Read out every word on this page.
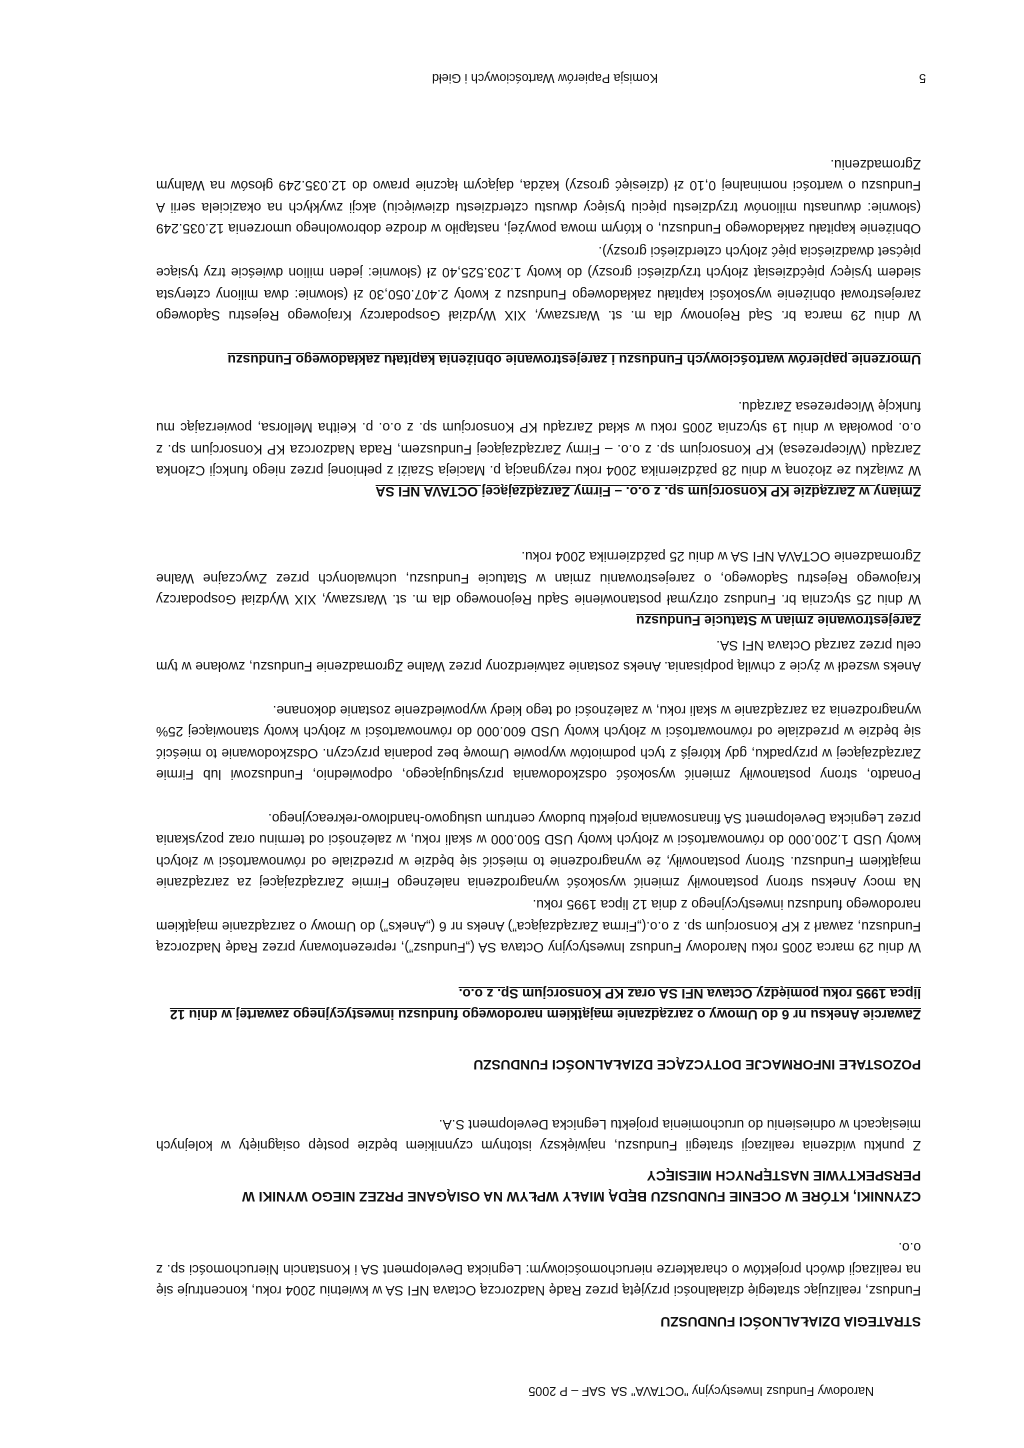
Narodowy Fundusz Inwestycyjny "OCTAVA" SA
SAF – P 2005

STRATEGIA DZIAŁALNOŚCI FUNDUSZU

Fundusz, realizując strategię działalności przyjętą przez Radę Nadzorczą Octava NFI SA w kwietniu 2004 roku, koncentruje się na realizacji dwóch projektów o charakterze nieruchomościowym: Legnicka Development SA i Konstancin Nieruchomości sp. z o.o.

CZYNNIKI, KTÓRE W OCENIE FUNDUSZU BĘDĄ MIAŁY WPŁYW NA OSIĄGANE PRZEZ NIEGO WYNIKI W PERSPEKTYWIE NASTĘPNYCH MIESIĘCY

Z punktu widzenia realizacji strategii Funduszu, największy istotnym czynnikiem będzie postęp osiągnięty w kolejnych miesiącach w odniesieniu do uruchomienia projektu Legnicka Development S.A.

POZOSTAŁE INFORMACJE DOTYCZĄCE DZIAŁALNOŚCI FUNDUSZU

Zawarcie Aneksu nr 6 do Umowy o zarządzanie majątkiem narodowego funduszu inwestycyjnego zawartej w dniu 12 lipca 1995 roku pomiędzy Octava NFI SA oraz KP Konsorcjum Sp. z o.o.

W dniu 29 marca 2005 roku Narodowy Fundusz Inwestycyjny Octava SA („Fundusz”), reprezentowany przez Radę Nadzorczą Funduszu, zawarł z KP Konsorcjum sp. z o.o.(„Firma Zarządzająca”) Aneks nr 6 („Aneks”) do Umowy o zarządzanie majątkiem narodowego funduszu inwestycyjnego z dnia 12 lipca 1995 roku.

Na mocy Aneksu strony postanowiły zmienić wysokość wynagrodzenia należnego Firmie Zarządzającej za zarządzanie majątkiem Funduszu. Strony postanowiły, że wynagrodzenie to mieścić się będzie w przedziale od równowartości w złotych kwoty USD 1.200.000 do równowartości w złotych kwoty USD 500.000 w skali roku, w zależności od terminu oraz pozyskania przez Legnicka Development SA finansowania projektu budowy centrum usługowo-handlowo-rekreacyjnego.

Ponadto, strony postanowiły zmienić wysokość odszkodowania przysługującego, odpowiednio, Funduszowi lub Firmie Zarządzającej w przypadku, gdy którejś z tych podmiotów wypowie Umowę bez podania przyczyn. Odszkodowanie to mieścić się będzie w przedziale od równowartości w złotych kwoty USD 600.000 do równowartości w złotych kwoty stanowiącej 25% wynagrodzenia za zarządzanie w skali roku, w zależności od tego kiedy wypowiedzenie zostanie dokonane.

Aneks wszedł w życie z chwilą podpisania. Aneks zostanie zatwierdzony przez Walne Zgromadzenie Funduszu, zwołane w tym celu przez zarząd Octava NFI SA.

Zarejestrowanie zmian w Statucie Funduszu

W dniu 25 stycznia br. Fundusz otrzymał postanowienie Sądu Rejonowego dla m. st. Warszawy, XIX Wydział Gospodarczy Krajowego Rejestru Sądowego, o zarejestrowaniu zmian w Statucie Funduszu, uchwalonych przez Zwyczajne Walne Zgromadzenie OCTAVA NFI SA w dniu 25 października 2004 roku.

Zmiany w Zarządzie KP Konsorcjum sp. z o.o. – Firmy Zarządzającej OCTAVA NFI SA

W związku ze złożoną w dniu 28 października 2004 roku rezygnacją p. Macieja Szaiżi z pełnionej przez niego funkcji Członka Zarządu (Wiceprezesa) KP Konsorcjum sp. z o.o. – Firmy Zarządzającej Funduszem, Rada Nadzorcza KP Konsorcjum sp. z o.o. powołała w dniu 19 stycznia 2005 roku w skład Zarządu KP Konsorcjum sp. z o.o. p. Keitha Mellorsa, powierzając mu funkcję Wiceprezesa Zarządu.

Umorzenie papierów wartościowych Funduszu i zarejestrowanie obniżenia kapitału zakładowego Funduszu

W dniu 29 marca br. Sąd Rejonowy dla m. st. Warszawy, XIX Wydział Gospodarczy Krajowego Rejestru Sądowego zarejestrował obniżenie wysokości kapitału zakładowego Funduszu z kwoty 2.407.050,30 zł (słownie: dwa miliony czterysta siedem tysięcy pięćdziesiąt złotych trzydzieści groszy) do kwoty 1.203.525,40 zł (słownie: jeden milion dwieście trzy tysiące pięćset dwadzieścia pięć złotych czterdzieści groszy).

Obniżenie kapitału zakładowego Funduszu, o którym mowa powyżej, nastąpiło w drodze dobrowolnego umorzenia 12.035.249 (słownie: dwunastu milionów trzydziestu pięciu tysięcy dwustu czterdziestu dziewięciu) akcji zwykłych na okaziciela serii A Funduszu o wartości nominalnej 0,10 zł (dziesięć groszy) każda, dającym łącznie prawo do 12.035.249 głosów na Walnym Zgromadzeniu.

5
Komisja Papierów Wartościowych i Giełd
